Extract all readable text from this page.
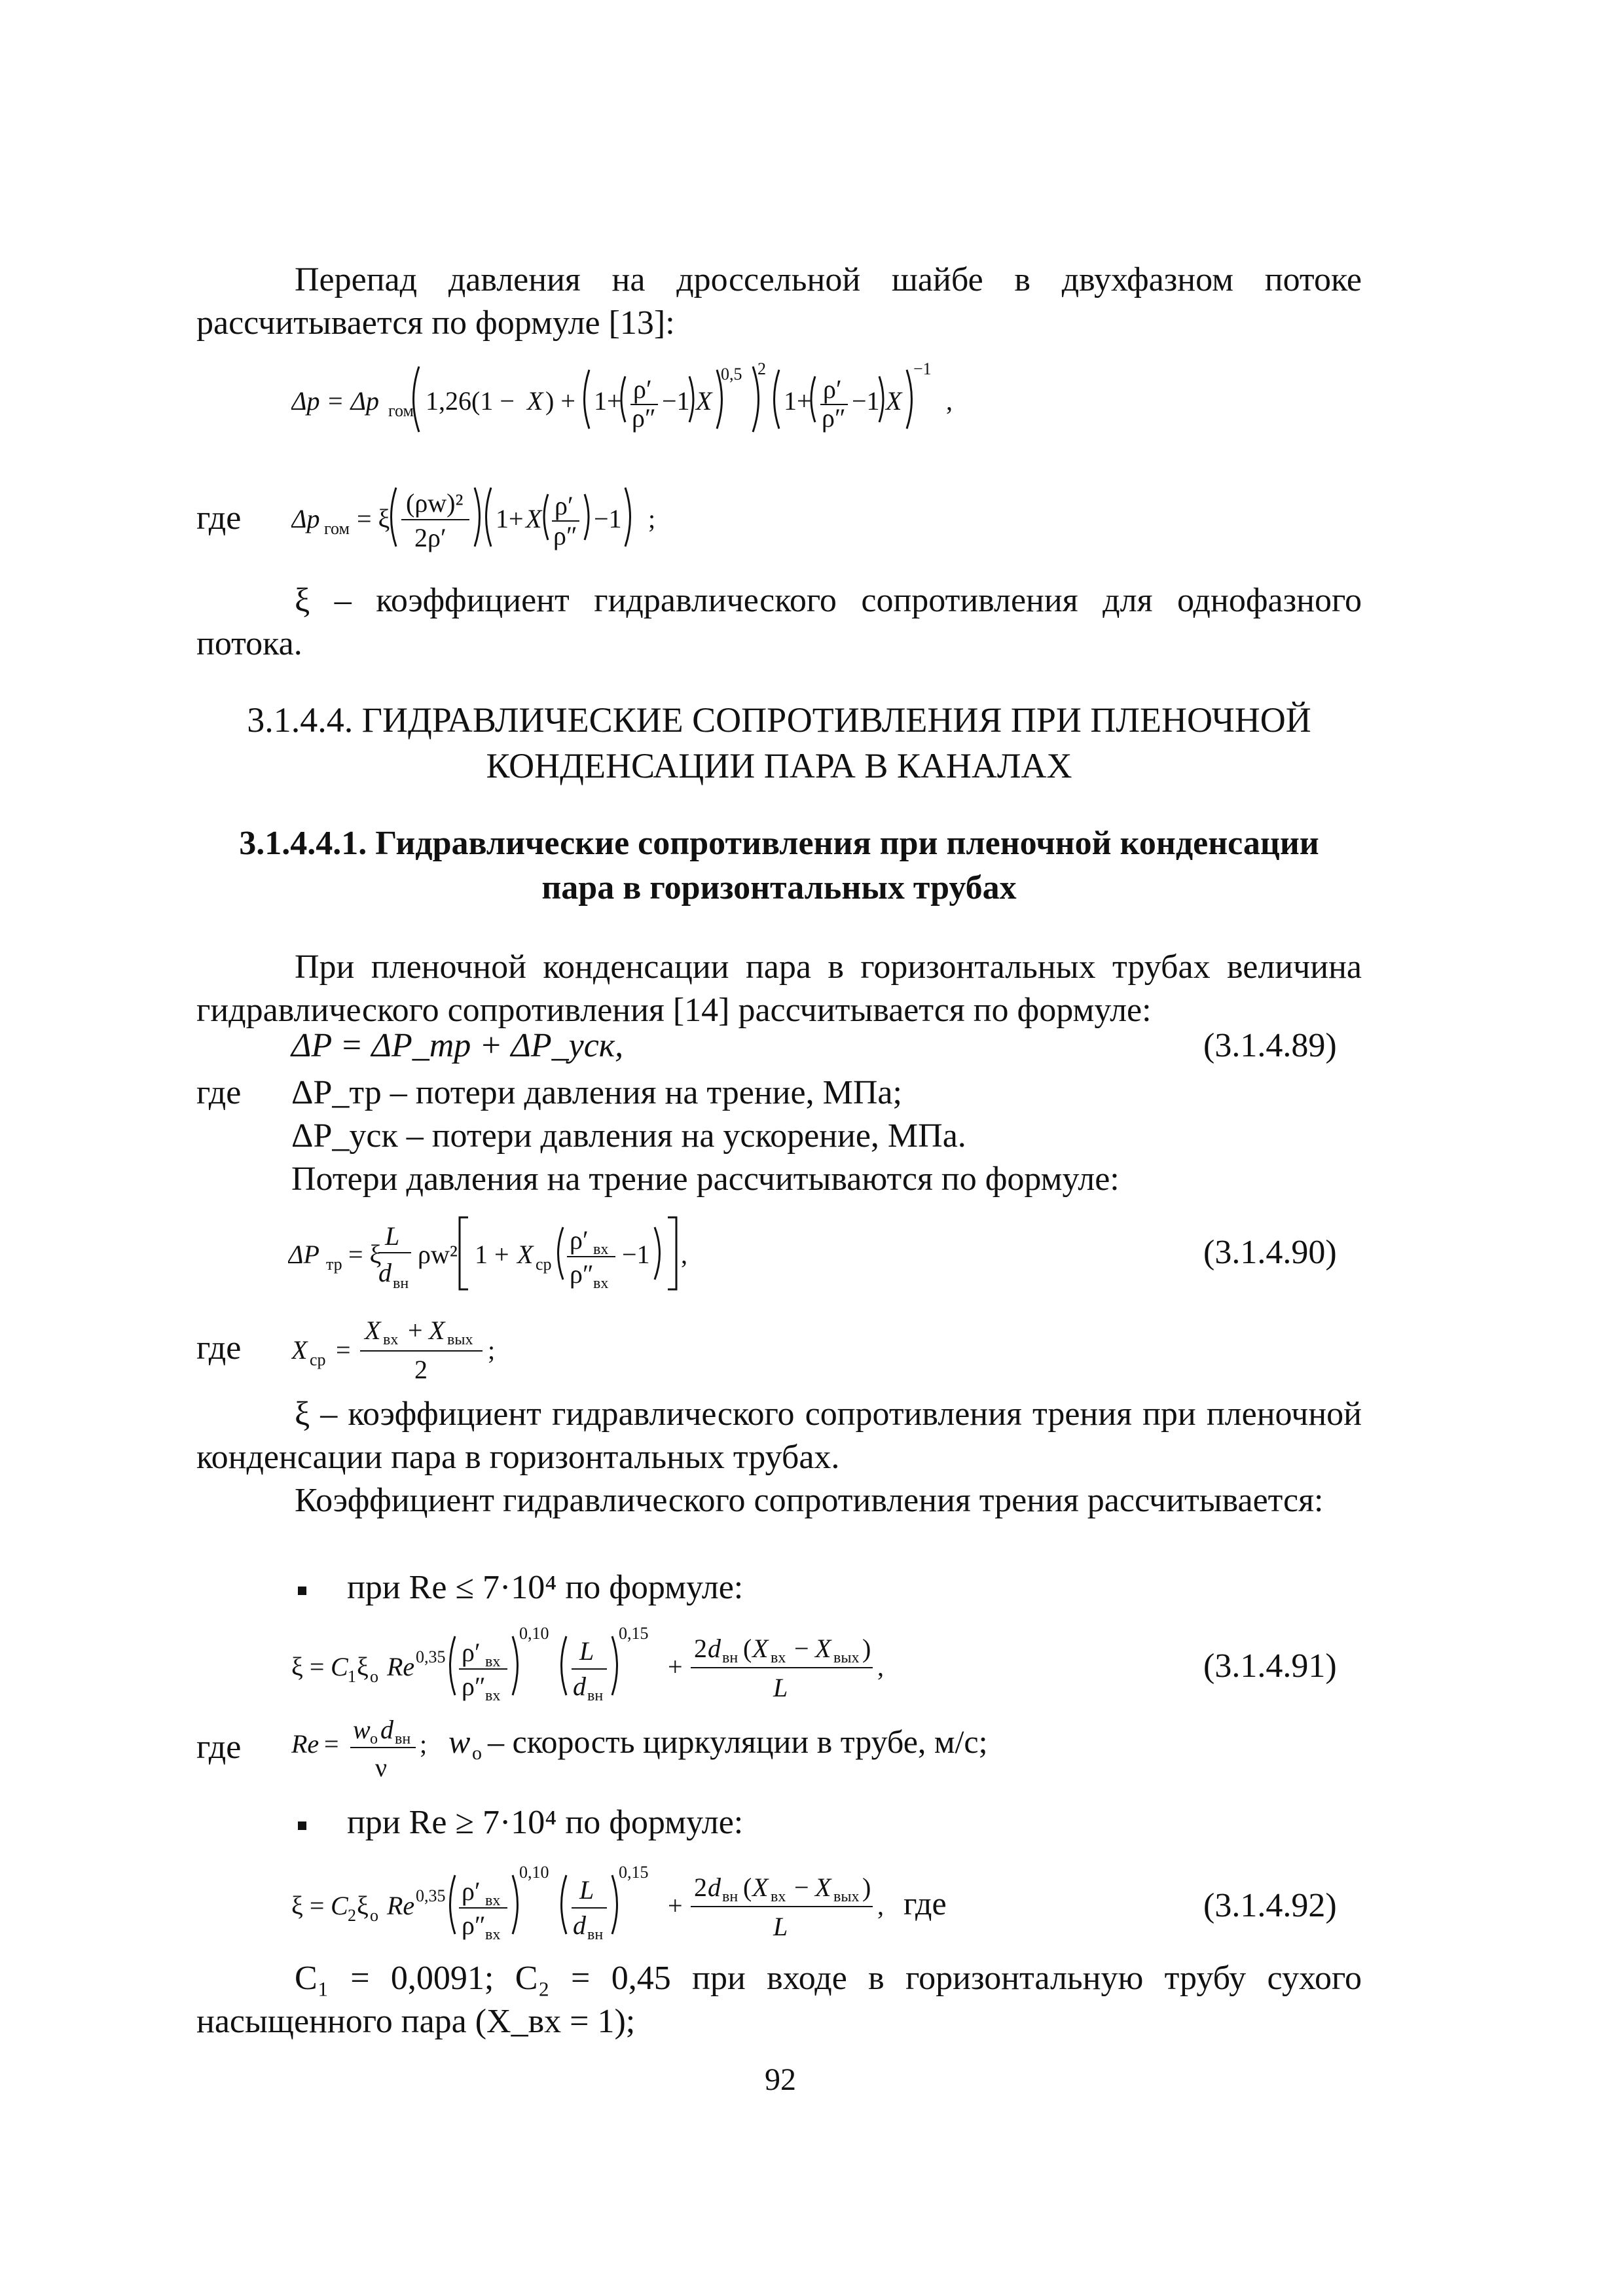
Перепад давления на дроссельной шайбе в двухфазном потоке рассчитывается по формуле [13]:
Δp = Δp гом 1,26(1 − X ) + 1+ ρ′
ρ″
−1 X
0,5 2
1+ ρ′
ρ″
−1 X
−1
,
где Δp гом = ξ
(ρw)²
2ρ′
1+ X ρ′
ρ″
−1 ;
ξ – коэффициент гидравлического сопротивления для однофазного потока.
3.1.4.4. ГИДРАВЛИЧЕСКИЕ СОПРОТИВЛЕНИЯ ПРИ ПЛЕНОЧНОЙ
КОНДЕНСАЦИИ ПАРА В КАНАЛАХ
3.1.4.4.1. Гидравлические сопротивления при пленочной конденсации
пара в горизонтальных трубах
При пленочной конденсации пара в горизонтальных трубах величина гидравлического сопротивления [14] рассчитывается по формуле:
ΔP = ΔP_тр + ΔP_уск,	(3.1.4.89)
где ΔP_тр – потери давления на трение, МПа;
ΔP_уск – потери давления на ускорение, МПа.
Потери давления на трение рассчитываются по формуле:
ΔP тр = ξ
L
d вн
ρw² 1 + X ср
ρ′ вх
ρ″ вх
−1 ,	(3.1.4.90)
где X ср =
X вх + X вых
2
;
ξ – коэффициент гидравлического сопротивления трения при пленочной конденсации пара в горизонтальных трубах.
Коэффициент гидравлического сопротивления трения рассчитывается:
при Re ≤ 7·10⁴ по формуле:
ξ = C 1 ξ o Re 0,35 ρ′ вх
ρ″ вх
0,10
L
d вн
0,15
+
2 d вн ( X вх − X вых )
L
,	(3.1.4.91)
где Re = w o d вн
ν
; w o – скорость циркуляции в трубе, м/с;
при Re ≥ 7·10⁴ по формуле:
ξ = C 2 ξ o Re 0,35 ρ′ вх
ρ″ вх
0,10
L
d вн
0,15
+
2 d вн ( X вх − X вых )
L
, где	(3.1.4.92)
C₁ = 0,0091; C₂ = 0,45 при входе в горизонтальную трубу сухого насыщенного пара (X_вх = 1);
92
